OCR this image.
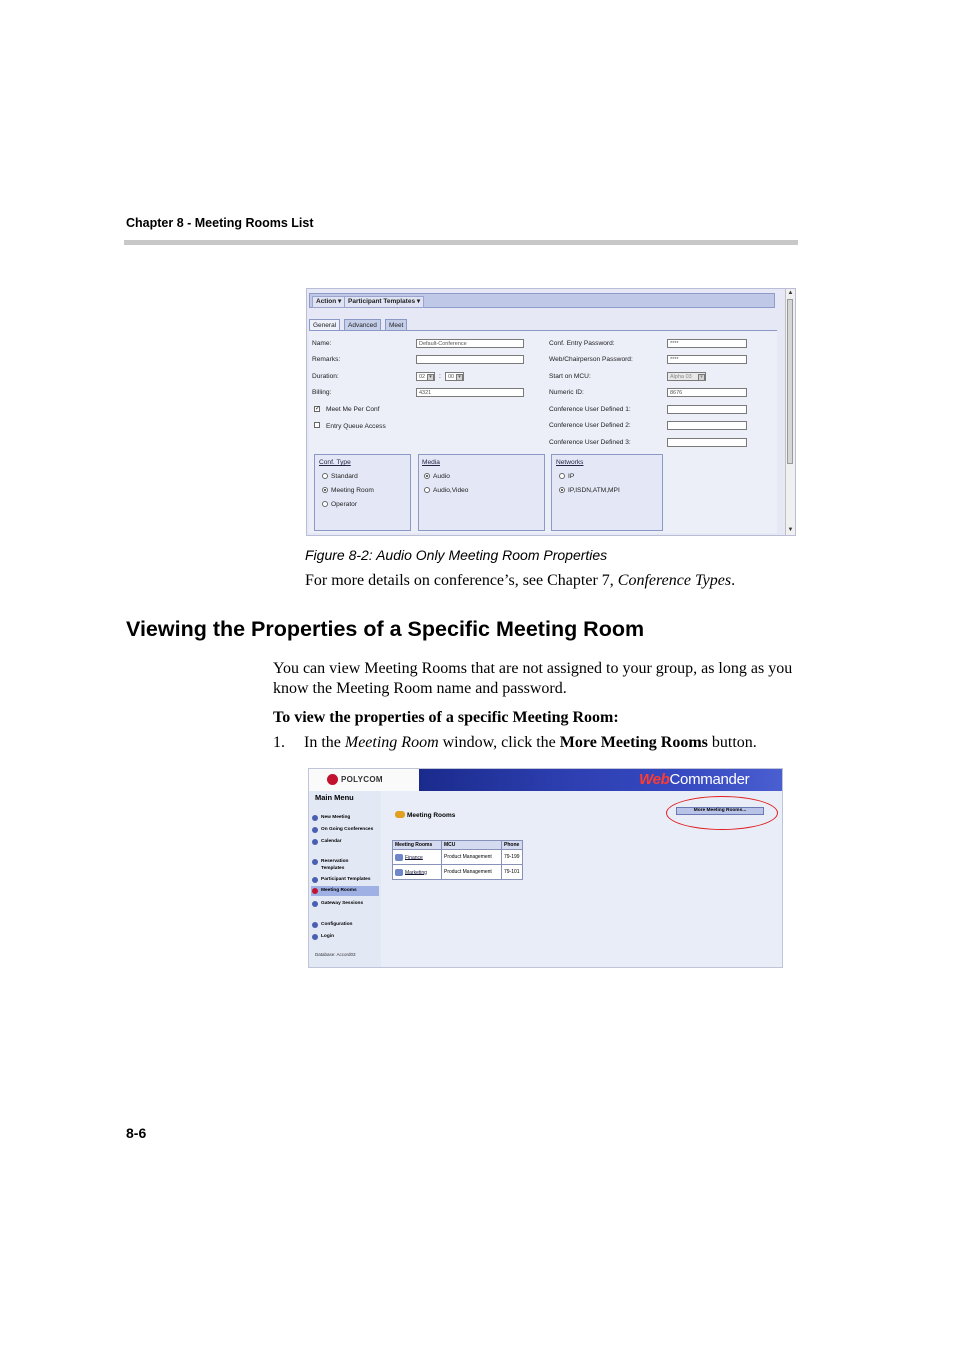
Chapter 8 - Meeting Rooms List
Action ▾	Participant Templates ▾
General	Advanced	Meet
Name:	Default-Conference
Remarks:
Duration:	02 ▾	:	00 ▾
Billing:	4321
✓ Meet Me Per Conf
Entry Queue Access
Conf. Entry Password:	****
Web/Chairperson Password:	****
Start on MCU:	Alpha 03	▾
Numeric ID:	8676
Conference User Defined 1:
Conference User Defined 2:
Conference User Defined 3:
Conf. Type
Standard
Meeting Room
Operator
Media
Audio
Audio,Video
Networks
IP
IP,ISDN,ATM,MPI
▲
▼
Figure 8-2: Audio Only Meeting Room Properties
For more details on conference’s, see Chapter 7, Conference Types.
Viewing the Properties of a Specific Meeting Room
You can view Meeting Rooms that are not assigned to your group, as long as you know the Meeting Room name and password.
To view the properties of a specific Meeting Room:
1. In the Meeting Room window, click the More Meeting Rooms button.
POLYCOM	WebCommander
Main Menu
New Meeting
On Going Conferences
Calendar
Reservation Templates
Participant Templates
Meeting Rooms
Gateway Sessions
Configuration
Login
Database: Accord03
Meeting Rooms
More Meeting Rooms...
Meeting Rooms	MCU	Phone
Finance	Product Management	79-199
Marketing	Product Management	79-101
8-6
